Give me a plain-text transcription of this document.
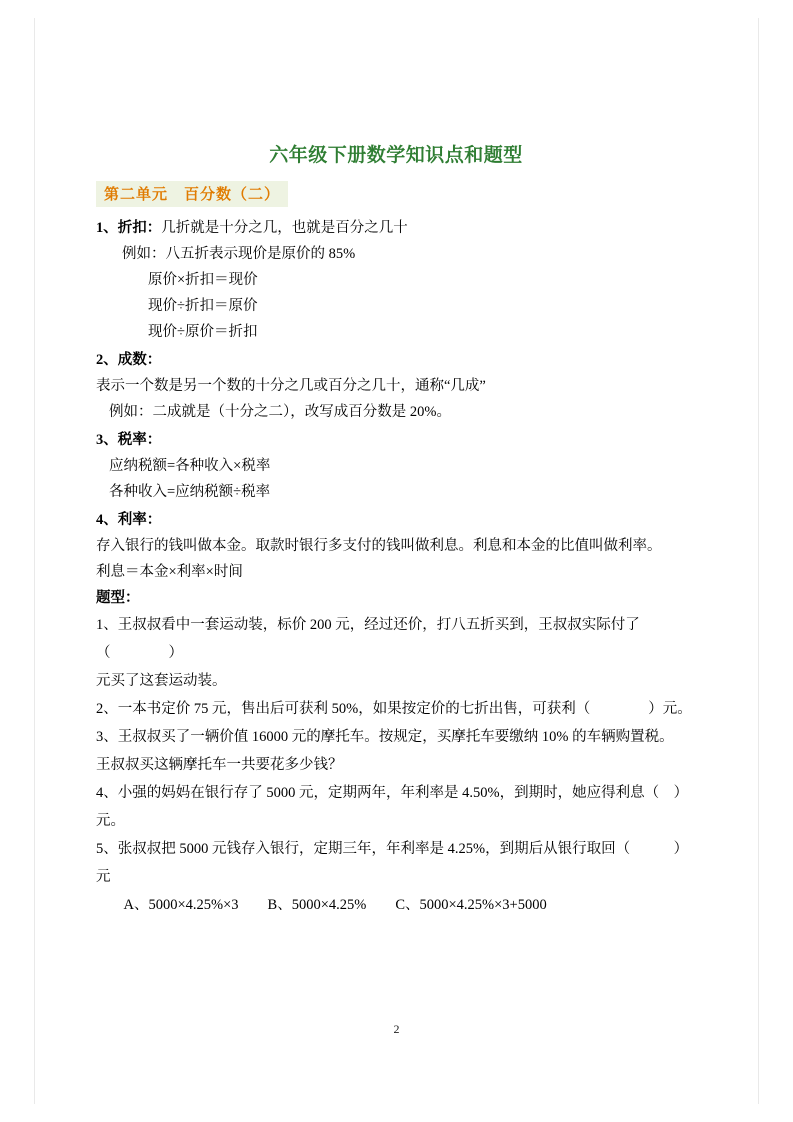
六年级下册数学知识点和题型
第二单元　百分数（二）

1、折扣：几折就是十分之几，也就是百分之几十

例如：八五折表示现价是原价的 85%

原价×折扣＝现价

现价÷折扣＝原价

现价÷原价＝折扣

2、成数：

表示一个数是另一个数的十分之几或百分之几十，通称“几成”

例如：二成就是（十分之二），改写成百分数是 20%。

3、税率：

应纳税额=各种收入×税率

各种收入=应纳税额÷税率

4、利率：

存入银行的钱叫做本金。取款时银行多支付的钱叫做利息。利息和本金的比值叫做利率。

利息＝本金×利率×时间

题型：

1、王叔叔看中一套运动装，标价 200 元，经过还价，打八五折买到，王叔叔实际付了（　　　　）

元买了这套运动装。

2、一本书定价 75 元，售出后可获利 50%，如果按定价的七折出售，可获利（　　　　）元。

3、王叔叔买了一辆价值 16000 元的摩托车。按规定，买摩托车要缴纳 10% 的车辆购置税。

王叔叔买这辆摩托车一共要花多少钱？

4、小强的妈妈在银行存了 5000 元，定期两年，年利率是 4.50%，到期时，她应得利息（　）

元。

5、张叔叔把 5000 元钱存入银行，定期三年，年利率是 4.25%，到期后从银行取回（　　　）

元

　A、5000×4.25%×3　　B、5000×4.25%　　C、5000×4.25%×3+5000

2
